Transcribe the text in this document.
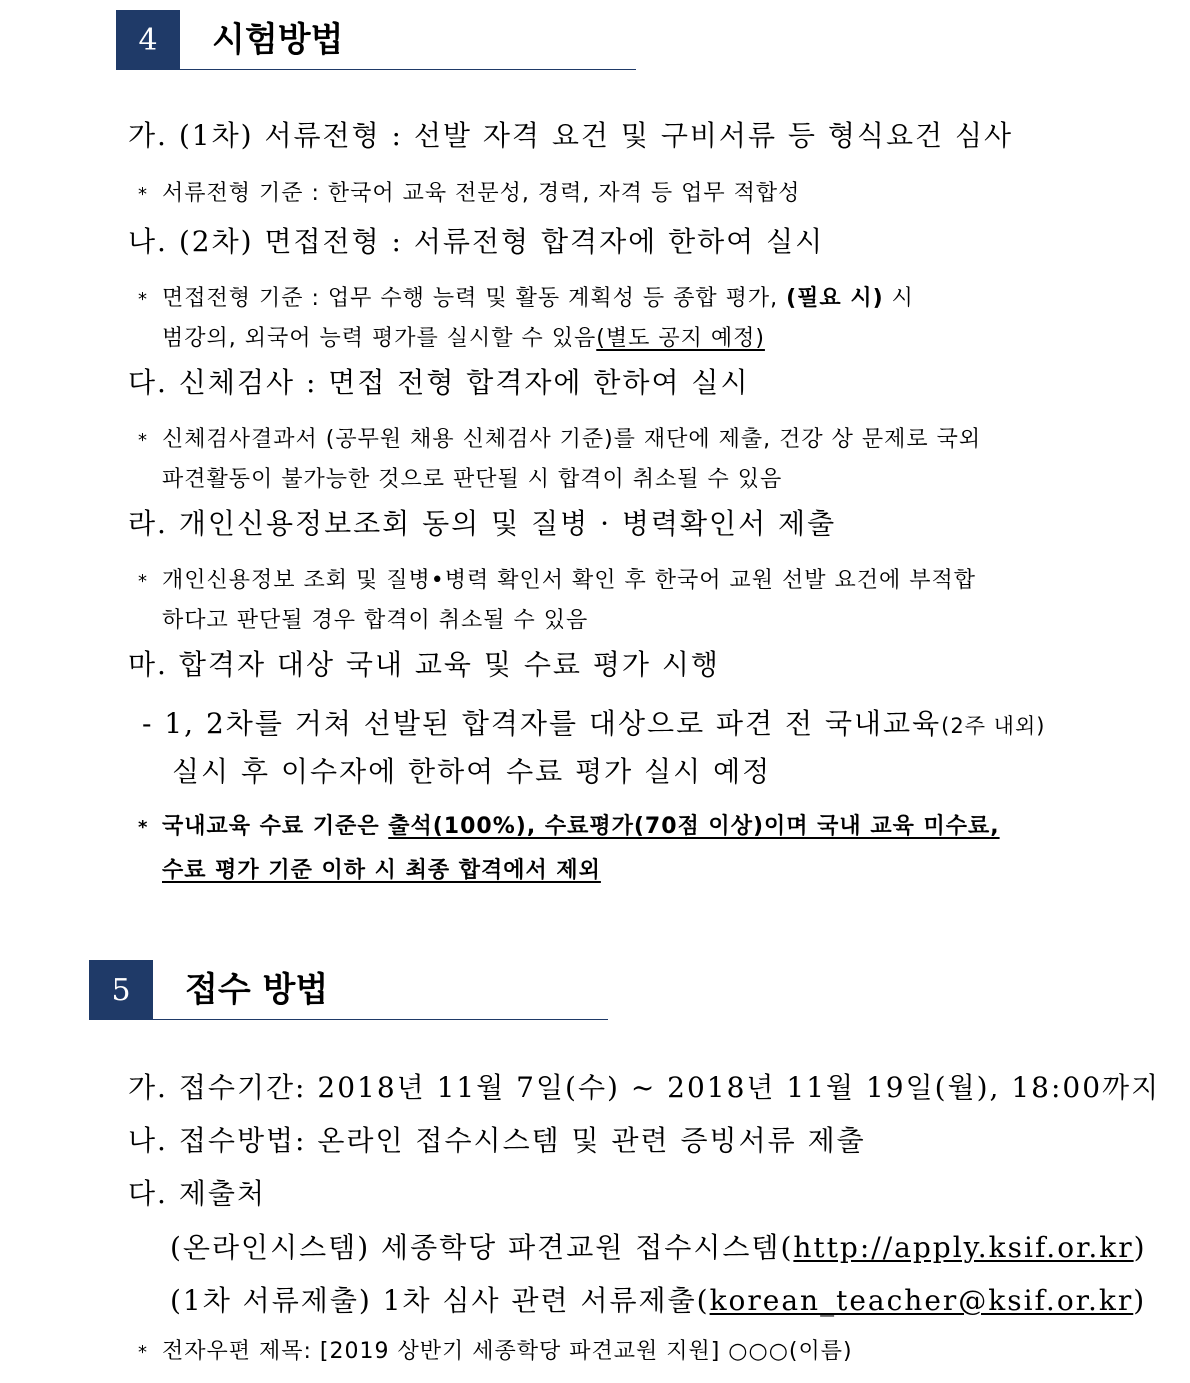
4	시험방법
가. (1차) 서류전형 : 선발 자격 요건 및 구비서류 등 형식요건 심사
* 서류전형 기준 : 한국어 교육 전문성, 경력, 자격 등 업무 적합성
나. (2차) 면접전형 : 서류전형 합격자에 한하여 실시
* 면접전형 기준 : 업무 수행 능력 및 활동 계획성 등 종합 평가, (필요 시) 시
범강의, 외국어 능력 평가를 실시할 수 있음(별도 공지 예정)
다. 신체검사 : 면접 전형 합격자에 한하여 실시
* 신체검사결과서 (공무원 채용 신체검사 기준)를 재단에 제출, 건강 상 문제로 국외
파견활동이 불가능한 것으로 판단될 시 합격이 취소될 수 있음
라. 개인신용정보조회 동의 및 질병 · 병력확인서 제출
* 개인신용정보 조회 및 질병•병력 확인서 확인 후 한국어 교원 선발 요건에 부적합
하다고 판단될 경우 합격이 취소될 수 있음
마. 합격자 대상 국내 교육 및 수료 평가 시행
- 1, 2차를 거쳐 선발된 합격자를 대상으로 파견 전 국내교육(2주 내외)
실시 후 이수자에 한하여 수료 평가 실시 예정
* 국내교육 수료 기준은 출석(100%), 수료평가(70점 이상)이며 국내 교육 미수료,
수료 평가 기준 이하 시 최종 합격에서 제외
5	접수 방법
가. 접수기간: 2018년 11월 7일(수) ~ 2018년 11월 19일(월), 18:00까지
나. 접수방법: 온라인 접수시스템 및 관련 증빙서류 제출
다. 제출처
(온라인시스템) 세종학당 파견교원 접수시스템(http://apply.ksif.or.kr)
(1차 서류제출) 1차 심사 관련 서류제출(korean_teacher@ksif.or.kr)
* 전자우편 제목: [2019 상반기 세종학당 파견교원 지원] ○○○(이름)
